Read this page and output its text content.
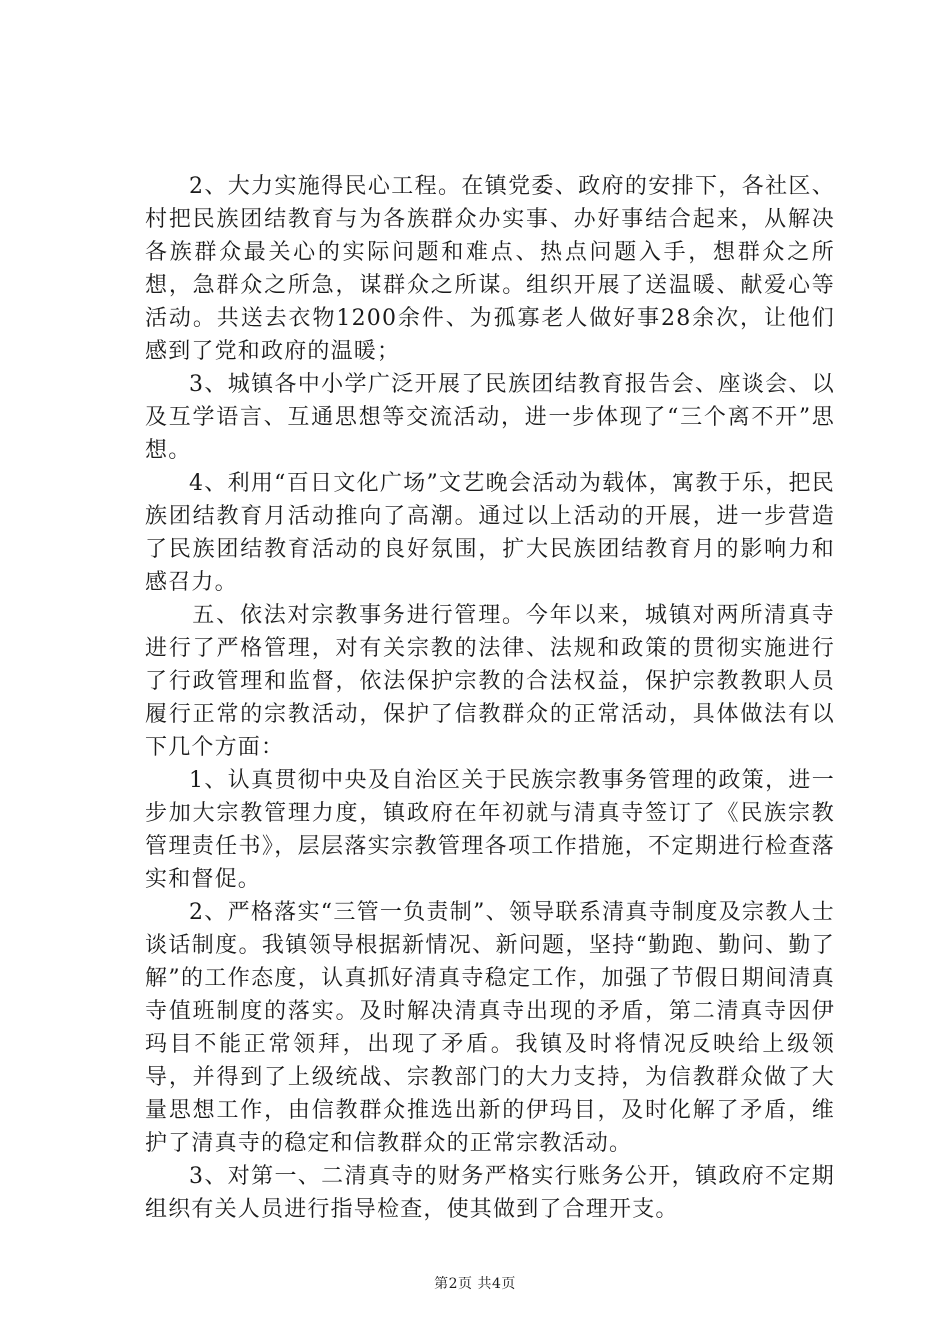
2、大力实施得民心工程。在镇党委、政府的安排下，各社区、村把民族团结教育与为各族群众办实事、办好事结合起来，从解决各族群众最关心的实际问题和难点、热点问题入手，想群众之所想，急群众之所急，谋群众之所谋。组织开展了送温暖、献爱心等活动。共送去衣物1200余件、为孤寡老人做好事28余次，让他们感到了党和政府的温暖；

3、城镇各中小学广泛开展了民族团结教育报告会、座谈会、以及互学语言、互通思想等交流活动，进一步体现了“三个离不开”思想。

4、利用“百日文化广场”文艺晚会活动为载体，寓教于乐，把民族团结教育月活动推向了高潮。通过以上活动的开展，进一步营造了民族团结教育活动的良好氛围，扩大民族团结教育月的影响力和感召力。

五、依法对宗教事务进行管理。今年以来，城镇对两所清真寺进行了严格管理，对有关宗教的法律、法规和政策的贯彻实施进行了行政管理和监督，依法保护宗教的合法权益，保护宗教教职人员履行正常的宗教活动，保护了信教群众的正常活动，具体做法有以下几个方面：

1、认真贯彻中央及自治区关于民族宗教事务管理的政策，进一步加大宗教管理力度，镇政府在年初就与清真寺签订了《民族宗教管理责任书》，层层落实宗教管理各项工作措施，不定期进行检查落实和督促。

2、严格落实“三管一负责制”、领导联系清真寺制度及宗教人士谈话制度。我镇领导根据新情况、新问题，坚持“勤跑、勤问、勤了解”的工作态度，认真抓好清真寺稳定工作，加强了节假日期间清真寺值班制度的落实。及时解决清真寺出现的矛盾，第二清真寺因伊玛目不能正常领拜，出现了矛盾。我镇及时将情况反映给上级领导，并得到了上级统战、宗教部门的大力支持，为信教群众做了大量思想工作，由信教群众推选出新的伊玛目，及时化解了矛盾，维护了清真寺的稳定和信教群众的正常宗教活动。

3、对第一、二清真寺的财务严格实行账务公开，镇政府不定期组织有关人员进行指导检查，使其做到了合理开支。

第2页 共4页
